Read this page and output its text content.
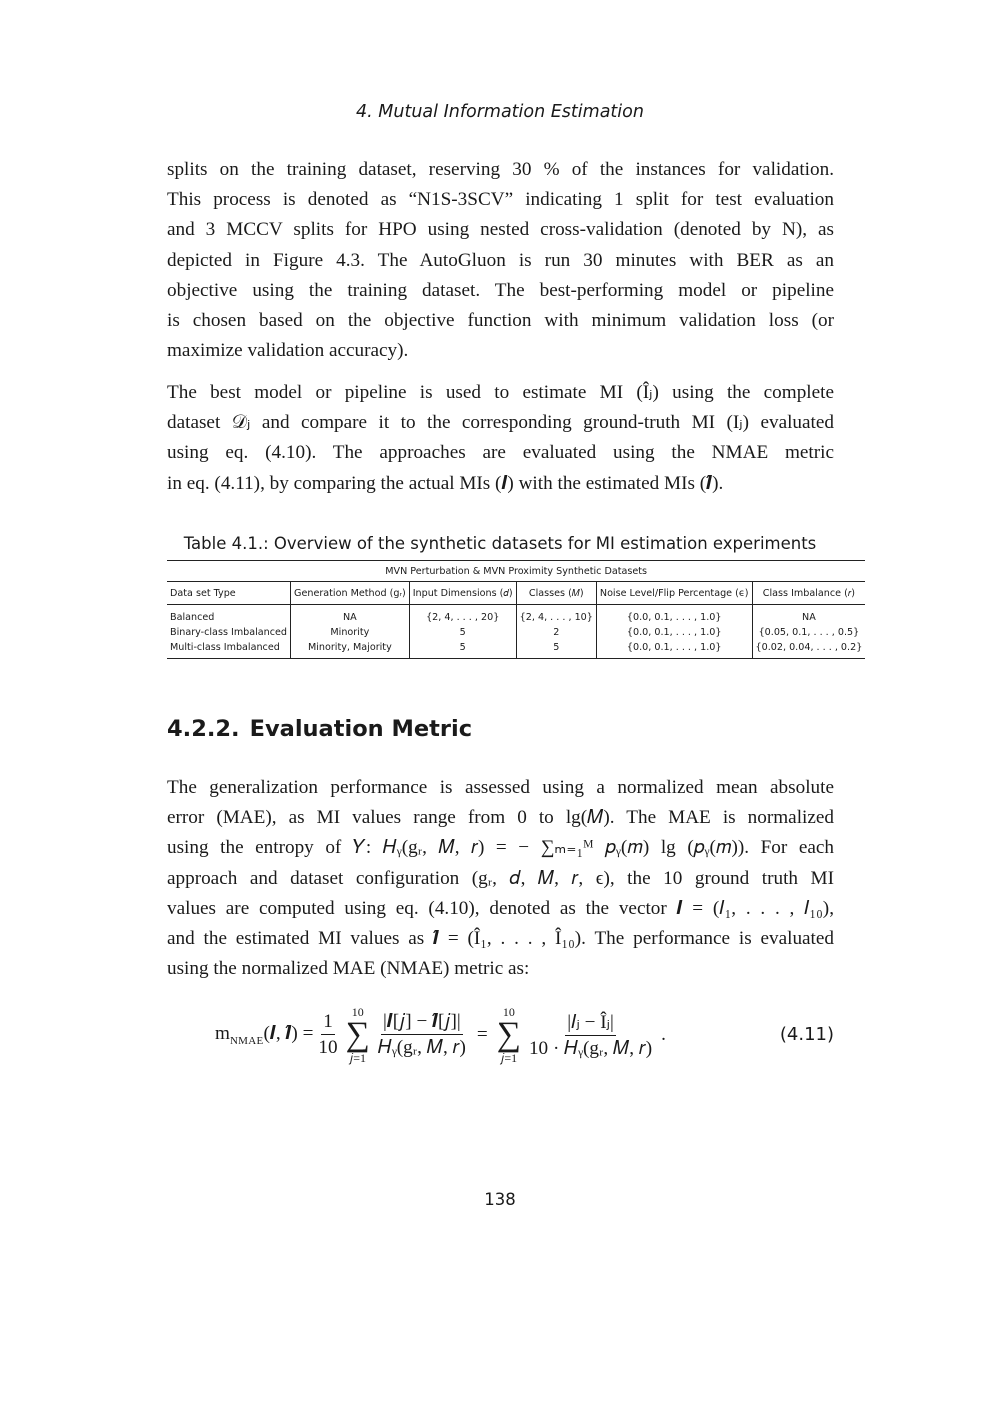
4. Mutual Information Estimation
splits on the training dataset, reserving 30 % of the instances for validation.
This process is denoted as “N1S-3SCV” indicating 1 split for test evaluation
and 3 MCCV splits for HPO using nested cross-validation (denoted by N), as
depicted in Figure 4.3. The AutoGluon is run 30 minutes with BER as an
objective using the training dataset. The best-performing model or pipeline
is chosen based on the objective function with minimum validation loss (or
maximize validation accuracy).
The best model or pipeline is used to estimate MI (Îⱼ) using the complete
dataset 𝒟ⱼ and compare it to the corresponding ground-truth MI (Iⱼ) evaluated
using eq. (4.10). The approaches are evaluated using the NMAE metric
in eq. (4.11), by comparing the actual MIs (𝑰) with the estimated MIs (𝑰̂).
Table 4.1.: Overview of the synthetic datasets for MI estimation experiments
MVN Perturbation & MVN Proximity Synthetic Datasets					
Data set Type	Generation Method (gᵣ)	Input Dimensions (𝑑)	Classes (𝑀)	Noise Level/Flip Percentage (ϵ)	Class Imbalance (𝑟)
Balanced	NA	{2, 4, . . . , 20}	{2, 4, . . . , 10}	{0.0, 0.1, . . . , 1.0}	NA
Binary-class Imbalanced	Minority	5	2	{0.0, 0.1, . . . , 1.0}	{0.05, 0.1, . . . , 0.5}
Multi-class Imbalanced	Minority, Majority	5	5	{0.0, 0.1, . . . , 1.0}	{0.02, 0.04, . . . , 0.2}
4.2.2. Evaluation Metric
The generalization performance is assessed using a normalized mean absolute
error (MAE), as MI values range from 0 to lg(𝑀). The MAE is normalized
using the entropy of 𝑌: 𝐻ᵧ(gᵣ, 𝑀, 𝑟) = − ∑ₘ₌₁ᴹ 𝑝ᵧ(𝑚) lg (𝑝ᵧ(𝑚)). For each
approach and dataset configuration (gᵣ, 𝑑, 𝑀, 𝑟, ϵ), the 10 ground truth MI
values are computed using eq. (4.10), denoted as the vector 𝑰 = (𝐼₁, . . . , 𝐼₁₀),
and the estimated MI values as 𝑰̂ = (Î₁, . . . , Î₁₀). The performance is evaluated
using the normalized MAE (NMAE) metric as:
$m_{NMAE}(𝑰$, 𝑰̂) = $\frac{1}{10} 10$
∑
𝑗=1 $\frac{\text{|𝑰[𝑗] − 𝑰̂[𝑗]|}}{\text{𝐻ᵧ(gᵣ, 𝑀, 𝑟)}}$ =
10
∑
𝑗=1 $\frac{\text{|𝐼ⱼ − Îⱼ|}}{\text{10 · 𝐻ᵧ(gᵣ, 𝑀, 𝑟)}}$ .	(4.11)
138
